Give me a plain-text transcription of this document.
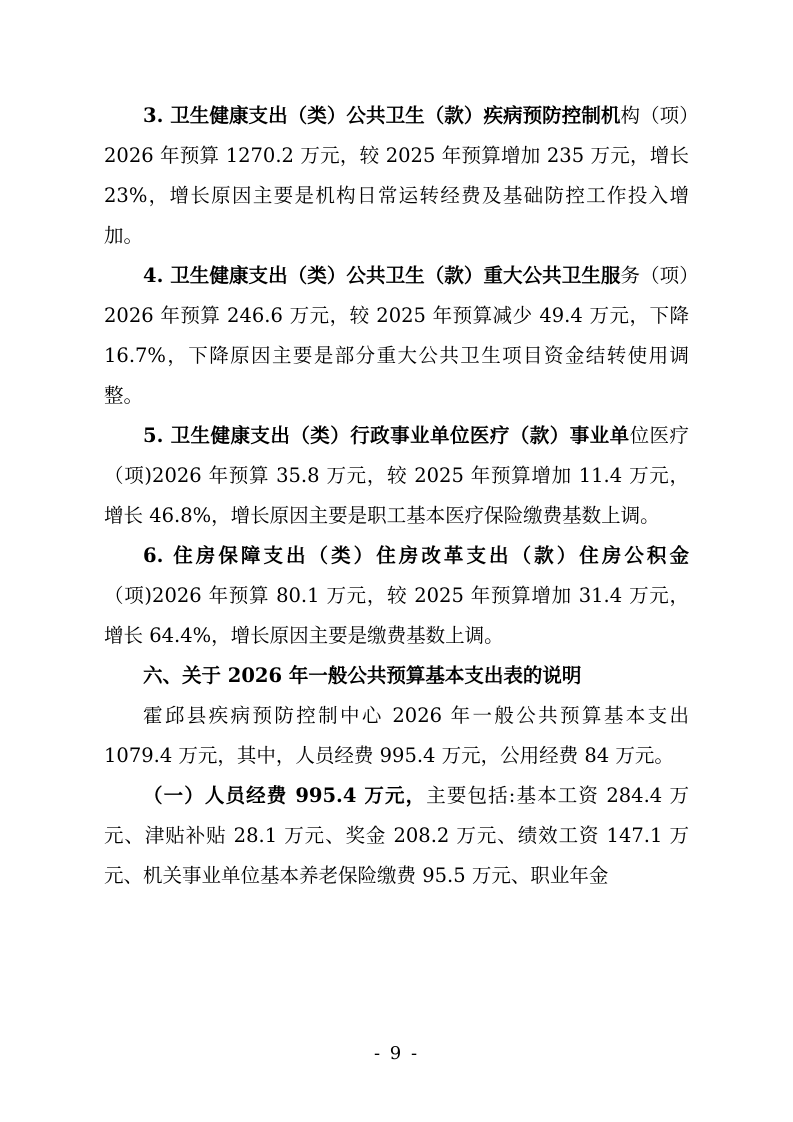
3. 卫生健康支出（类）公共卫生（款）疾病预防控制机构（项）2026 年预算 1270.2 万元，较 2025 年预算增加 235 万元，增长 23%，增长原因主要是机构日常运转经费及基础防控工作投入增加。

4. 卫生健康支出（类）公共卫生（款）重大公共卫生服务（项）2026 年预算 246.6 万元，较 2025 年预算减少 49.4 万元，下降 16.7%，下降原因主要是部分重大公共卫生项目资金结转使用调整。

5. 卫生健康支出（类）行政事业单位医疗（款）事业单位医疗（项)2026 年预算 35.8 万元，较 2025 年预算增加 11.4 万元，增长 46.8%，增长原因主要是职工基本医疗保险缴费基数上调。

6. 住房保障支出（类）住房改革支出（款）住房公积金（项)2026 年预算 80.1 万元，较 2025 年预算增加 31.4 万元，增长 64.4%，增长原因主要是缴费基数上调。

六、关于 2026 年一般公共预算基本支出表的说明

霍邱县疾病预防控制中心 2026 年一般公共预算基本支出 1079.4 万元，其中，人员经费 995.4 万元，公用经费 84 万元。

（一）人员经费 995.4 万元，主要包括:基本工资 284.4 万元、津贴补贴 28.1 万元、奖金 208.2 万元、绩效工资 147.1 万元、机关事业单位基本养老保险缴费 95.5 万元、职业年金

- 9 -
